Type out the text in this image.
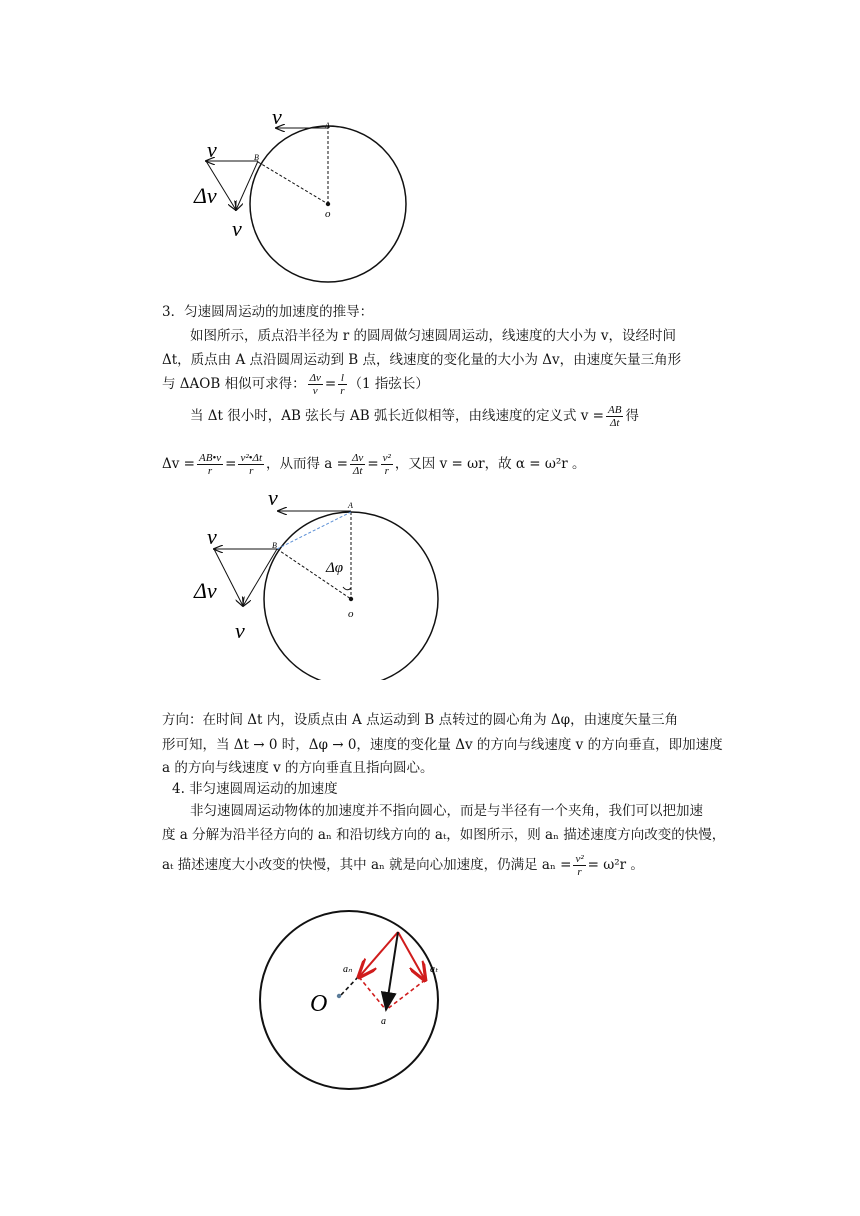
v
v
Δv
v
A
B
o
3．匀速圆周运动的加速度的推导：
如图所示，质点沿半径为 r 的圆周做匀速圆周运动，线速度的大小为 v，设经时间
Δt，质点由 A 点沿圆周运动到 B 点，线速度的变化量的大小为 Δv，由速度矢量三角形
与 ΔAOB 相似可求得： $\frac{\Delta v}{v} = \frac{l}{r} (1$ 指弦长）
当 Δt 很小时，AB 弦长与 AB 弧长近似相等，由线速度的定义式 $v = \frac{AB}{\Delta t}$ 得
$\Delta v = \frac{AB•v}{r} = \frac{\text{v²•Δt}}{r}$ ，从而得 $a = \frac{\Delta v}{\Delta t} = \frac{\text{v²}}{r}$ ，又因 v = ωr，故 α = ω²r 。
v
v
Δv
v
A
B
o
Δφ
方向：在时间 Δt 内，设质点由 A 点运动到 B 点转过的圆心角为 Δφ，由速度矢量三角
形可知，当 Δt → 0 时，Δφ → 0，速度的变化量 Δv 的方向与线速度 v 的方向垂直，即加速度
a 的方向与线速度 v 的方向垂直且指向圆心。
4. 非匀速圆周运动的加速度
非匀速圆周运动物体的加速度并不指向圆心，而是与半径有一个夹角，我们可以把加速
度 a 分解为沿半径方向的 aₙ 和沿切线方向的 aₜ，如图所示，则 aₙ 描述速度方向改变的快慢，
aₜ 描述速度大小改变的快慢，其中 aₙ 就是向心加速度，仍满足 $a_n = \frac{\text{v²}}{r} = \omega^2r$ 。
O
aₙ	aₜ
a
